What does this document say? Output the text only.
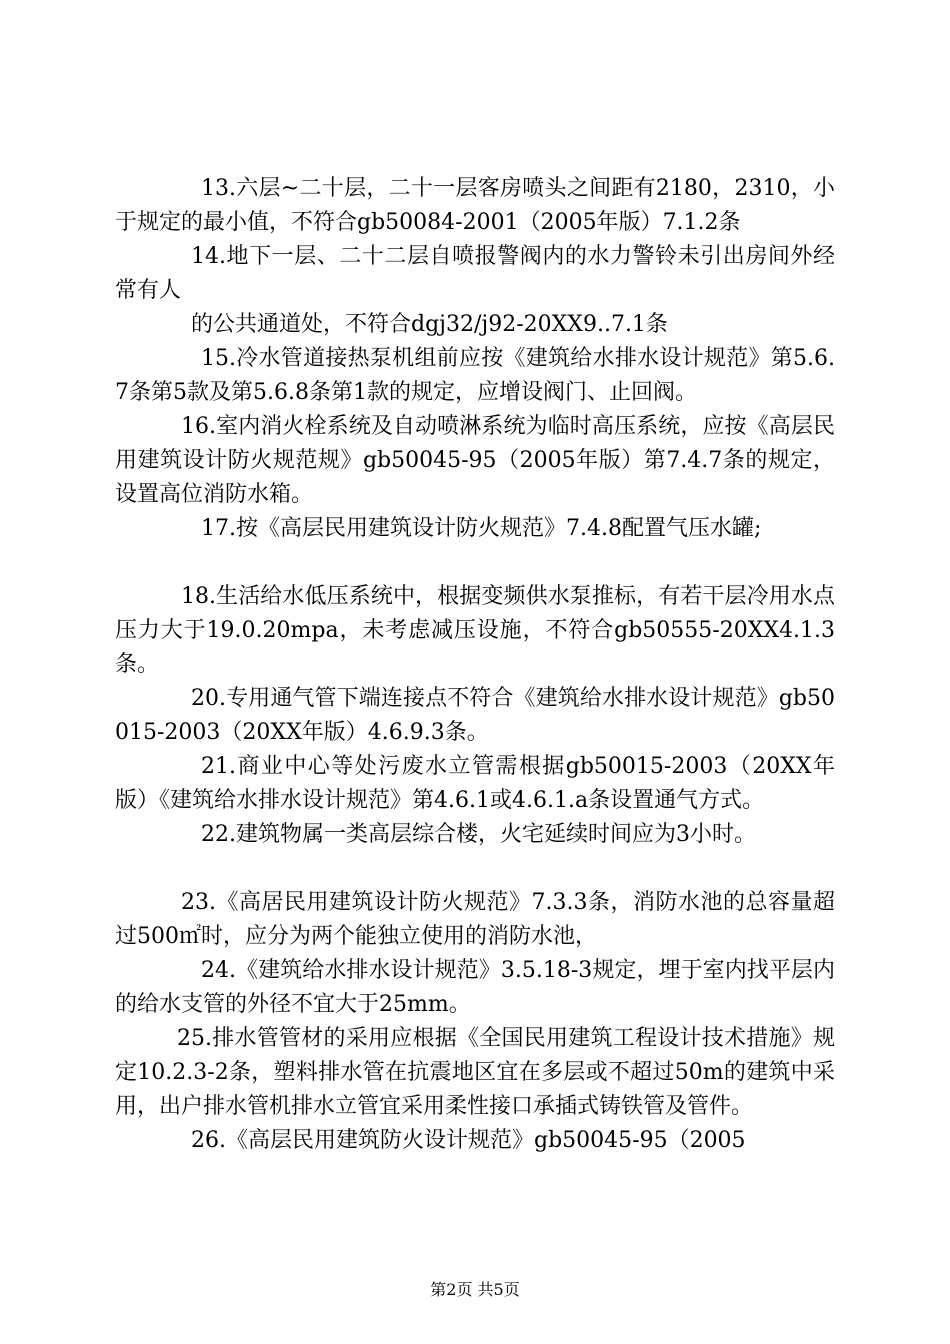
13.六层~二十层，二十一层客房喷头之间距有2180，2310，小于规定的最小值，不符合gb50084-2001（2005年版）7.1.2条

14.地下一层、二十二层自喷报警阀内的水力警铃未引出房间外经常有人

的公共通道处，不符合dgj32/j92-20XX9..7.1条

15.冷水管道接热泵机组前应按《建筑给水排水设计规范》第5.6.7条第5款及第5.6.8条第1款的规定，应增设阀门、止回阀。

16.室内消火栓系统及自动喷淋系统为临时高压系统，应按《高层民用建筑设计防火规范规》gb50045-95（2005年版）第7.4.7条的规定，设置高位消防水箱。

17.按《高层民用建筑设计防火规范》7.4.8配置气压水罐;

18.生活给水低压系统中，根据变频供水泵推标，有若干层冷用水点压力大于19.0.20mpa，未考虑减压设施，不符合gb50555-20XX4.1.3条。

20.专用通气管下端连接点不符合《建筑给水排水设计规范》gb50015-2003（20XX年版）4.6.9.3条。

21.商业中心等处污废水立管需根据gb50015-2003（20XX年版）《建筑给水排水设计规范》第4.6.1或4.6.1.a条设置通气方式。

22.建筑物属一类高层综合楼，火宅延续时间应为3小时。

23.《高居民用建筑设计防火规范》7.3.3条，消防水池的总容量超过500㎡时，应分为两个能独立使用的消防水池，

24.《建筑给水排水设计规范》3.5.18-3规定，埋于室内找平层内的给水支管的外径不宜大于25mm。

25.排水管管材的采用应根据《全国民用建筑工程设计技术措施》规定10.2.3-2条，塑料排水管在抗震地区宜在多层或不超过50m的建筑中采用，出户排水管机排水立管宜采用柔性接口承插式铸铁管及管件。

26.《高层民用建筑防火设计规范》gb50045-95（2005

第2页 共5页
